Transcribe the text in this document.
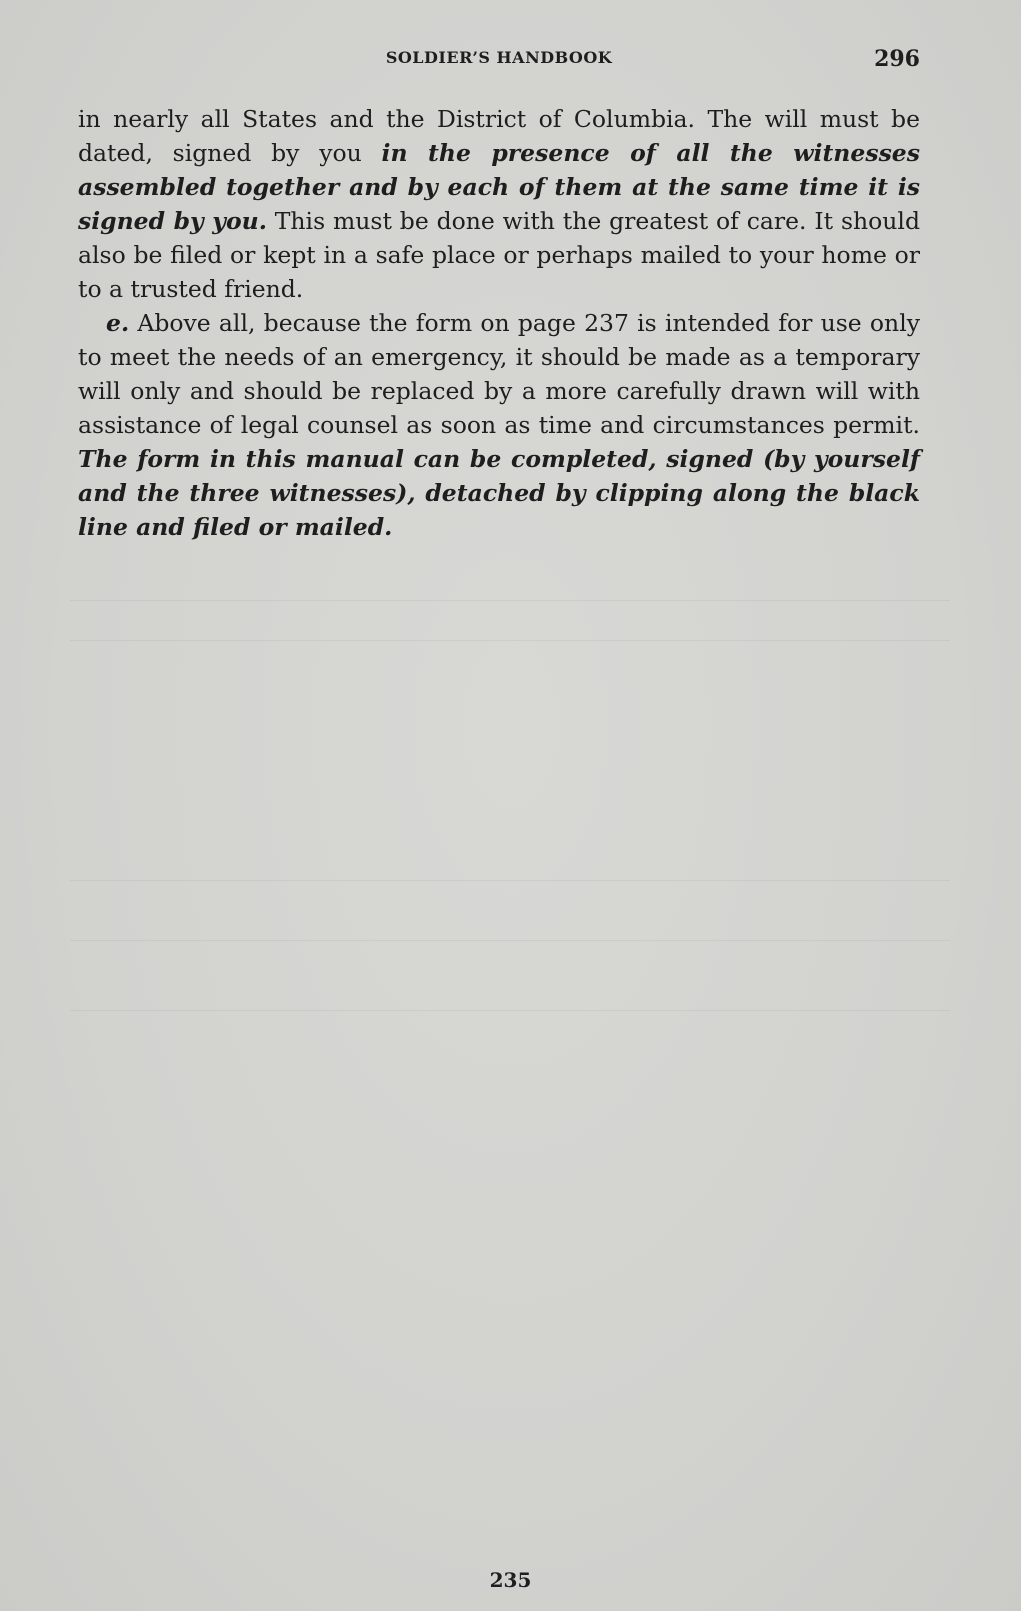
SOLDIER’S HANDBOOK	296

in nearly all States and the District of Columbia. The will must be dated, signed by you in the presence of all the witnesses assembled together and by each of them at the same time it is signed by you. This must be done with the greatest of care. It should also be filed or kept in a safe place or perhaps mailed to your home or to a trusted friend.

e. Above all, because the form on page 237 is intended for use only to meet the needs of an emergency, it should be made as a temporary will only and should be replaced by a more carefully drawn will with assistance of legal counsel as soon as time and circumstances permit. The form in this manual can be completed, signed (by yourself and the three witnesses), detached by clipping along the black line and filed or mailed.

235
